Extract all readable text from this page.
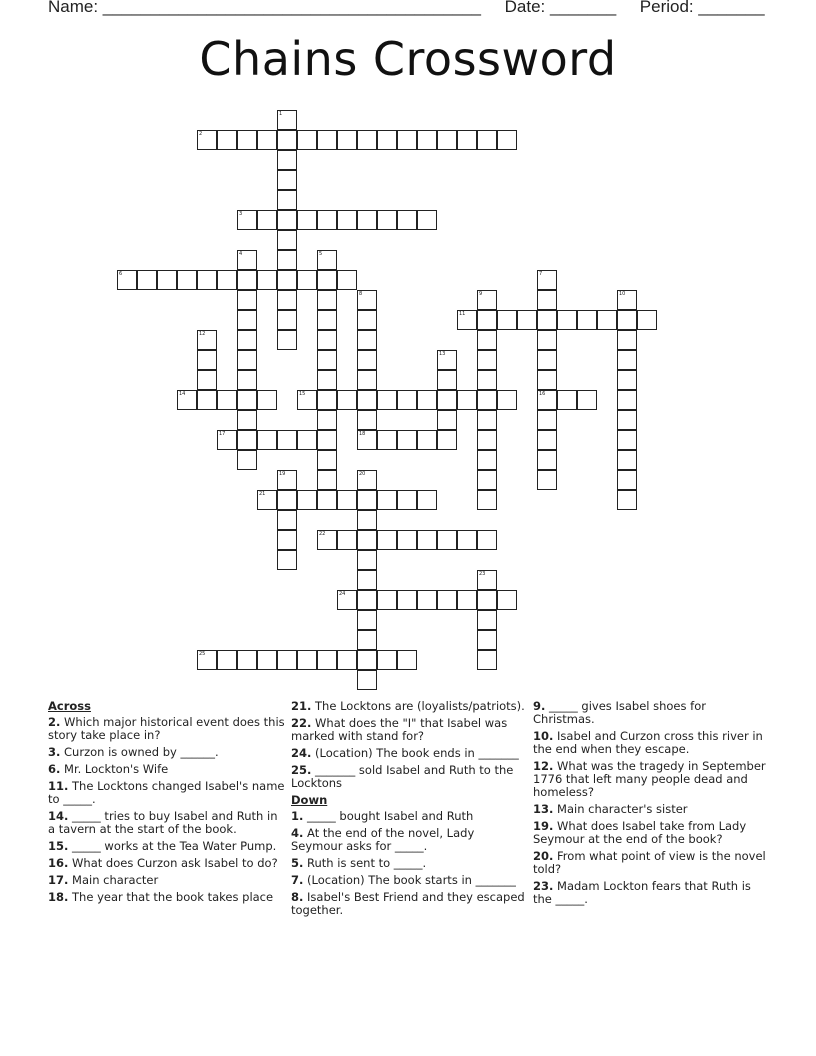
Name: ________________________________________ Date: _______ Period: _______
Chains Crossword
1
2
3
4	5
6	7
16
8
18
9	10
11
12
13
14	15
17
19	20
21
22
23
24
25
Across
2. Which major historical event does this story take place in?
3. Curzon is owned by ______.
6. Mr. Lockton's Wife
11. The Locktons changed Isabel's name to _____.
14. _____ tries to buy Isabel and Ruth in a tavern at the start of the book.
15. _____ works at the Tea Water Pump.
16. What does Curzon ask Isabel to do?
17. Main character
18. The year that the book takes place
21. The Locktons are (loyalists/patriots).
22. What does the "I" that Isabel was marked with stand for?
24. (Location) The book ends in _______
25. _______ sold Isabel and Ruth to the Locktons
Down
1. _____ bought Isabel and Ruth
4. At the end of the novel, Lady Seymour asks for _____.
5. Ruth is sent to _____.
7. (Location) The book starts in _______
8. Isabel's Best Friend and they escaped together.
9. _____ gives Isabel shoes for Christmas.
10. Isabel and Curzon cross this river in the end when they escape.
12. What was the tragedy in September 1776 that left many people dead and homeless?
13. Main character's sister
19. What does Isabel take from Lady Seymour at the end of the book?
20. From what point of view is the novel told?
23. Madam Lockton fears that Ruth is the _____.
